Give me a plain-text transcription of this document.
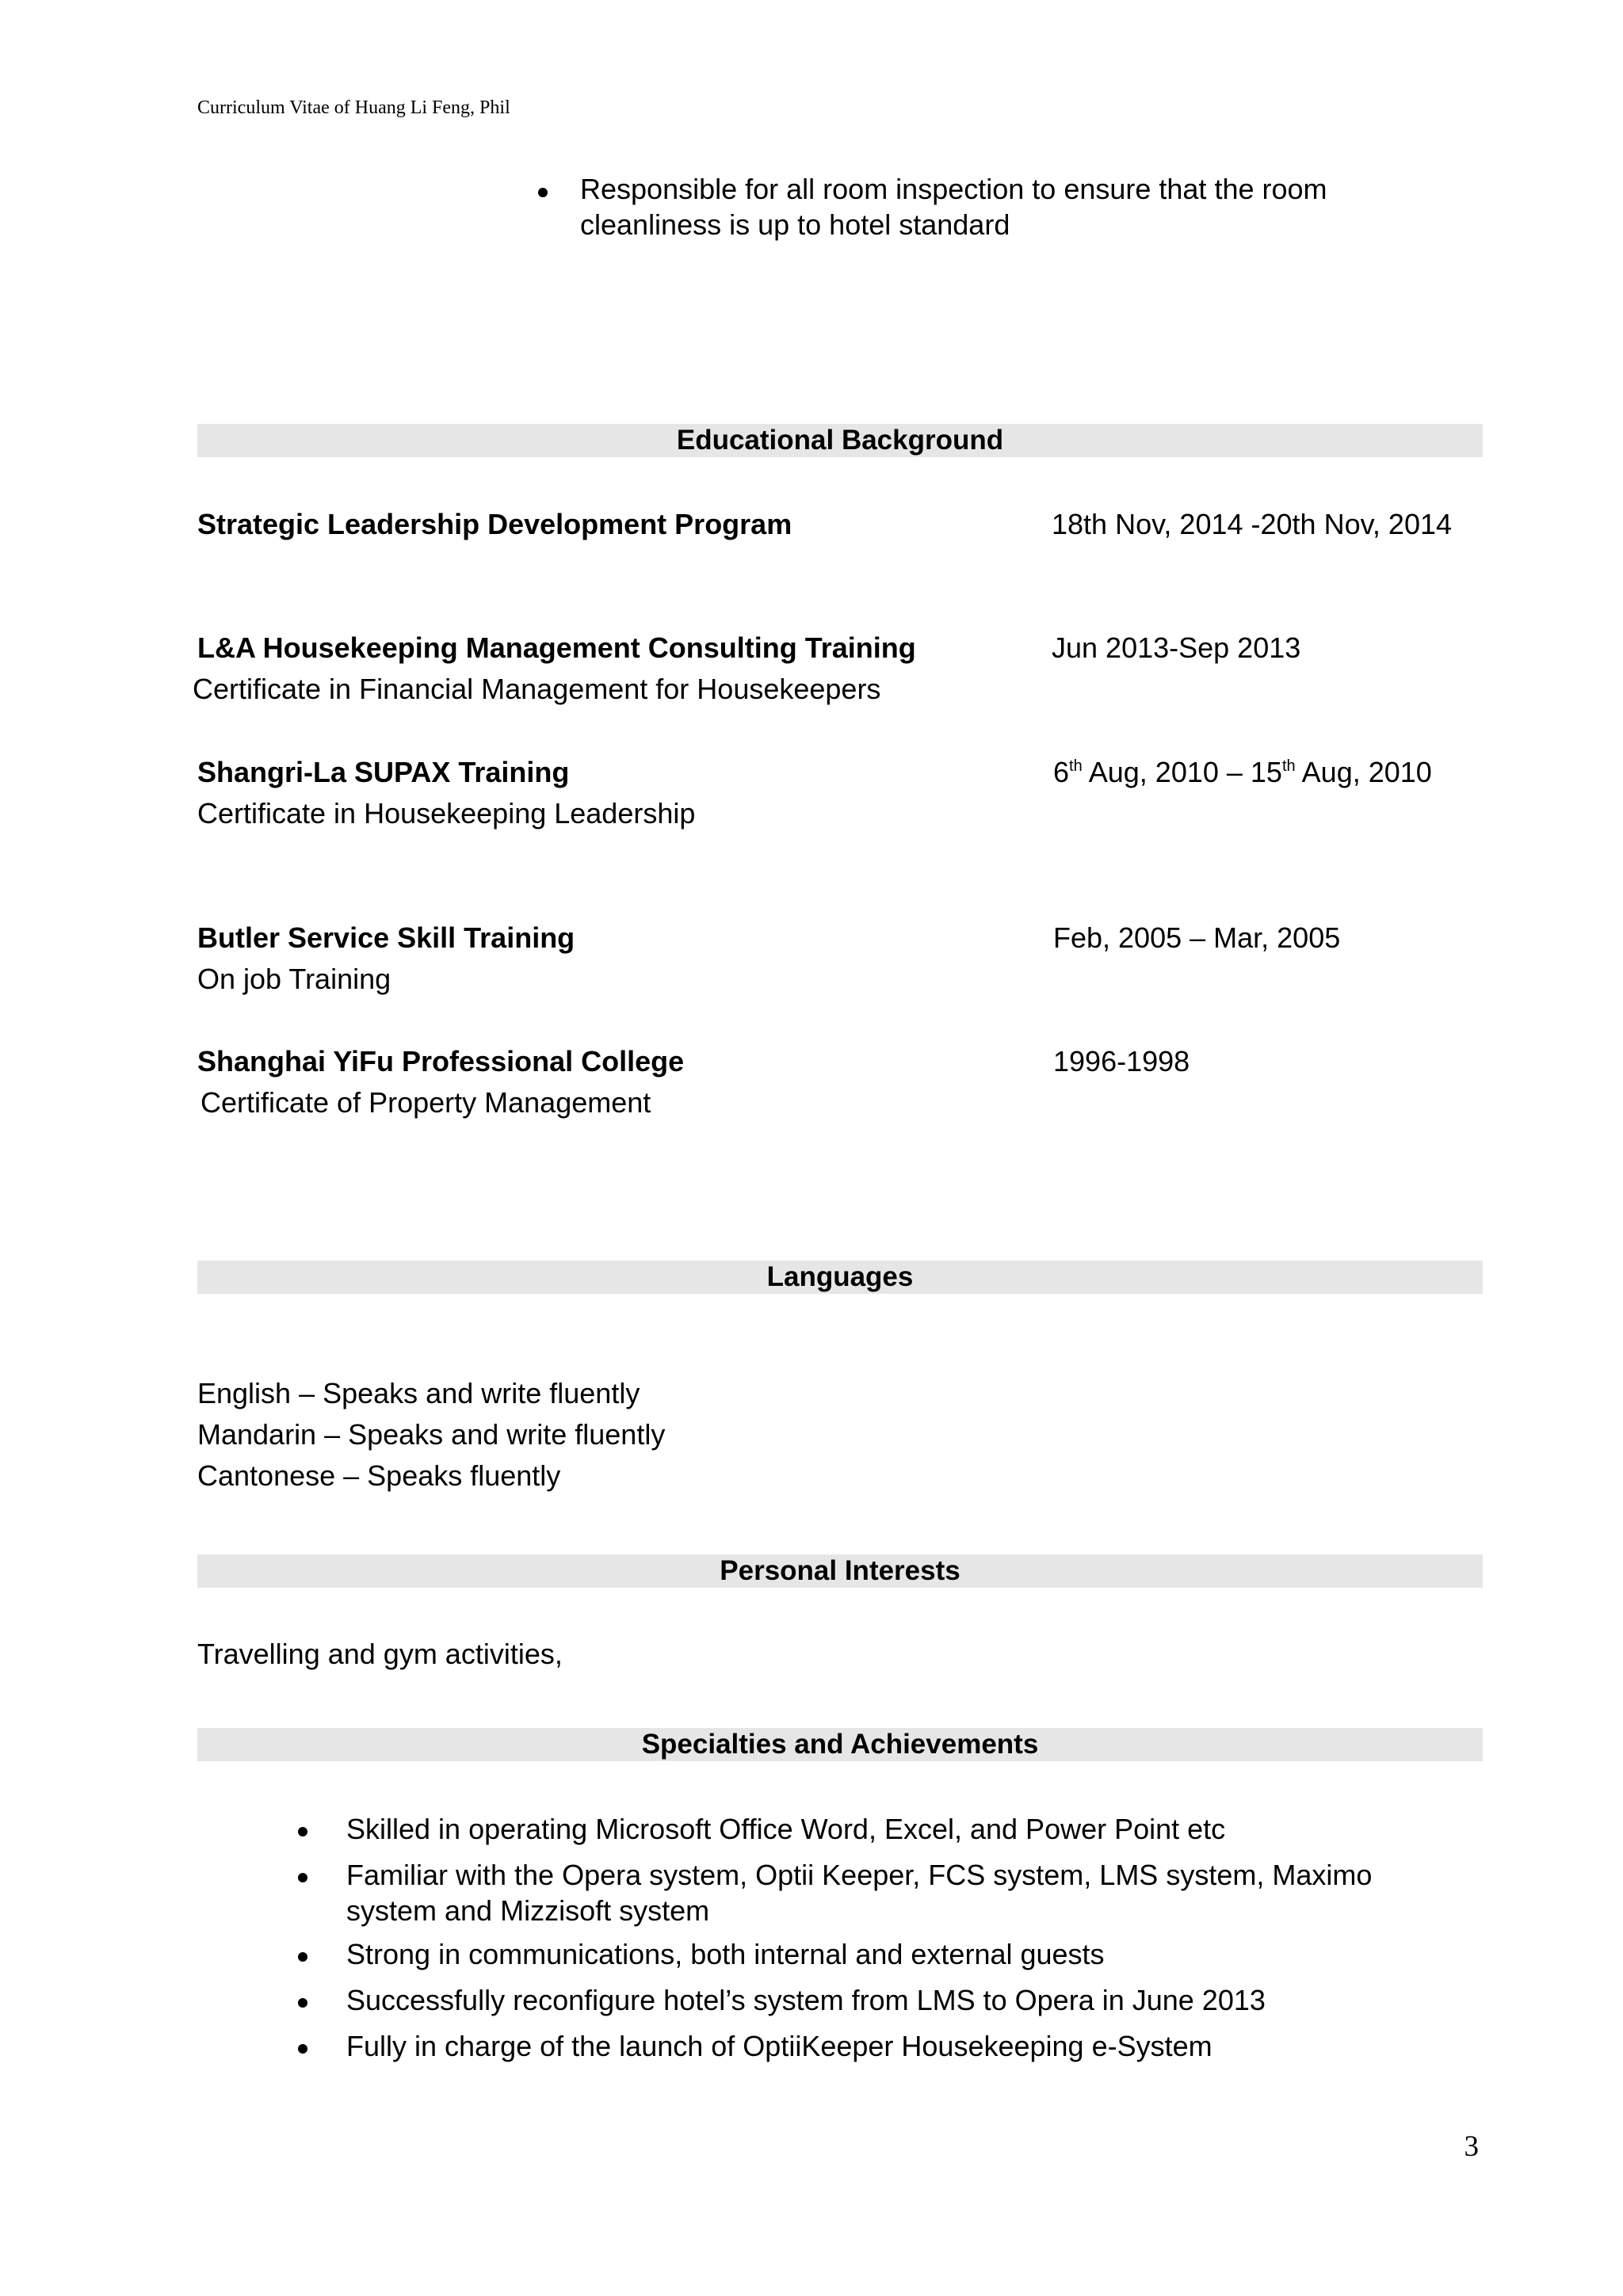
Curriculum Vitae of Huang Li Feng, Phil
Responsible for all room inspection to ensure that the room
cleanliness is up to hotel standard
Educational Background
Strategic Leadership Development Program	18th Nov, 2014 -20th Nov, 2014
L&A Housekeeping Management Consulting Training	Jun 2013-Sep 2013
Certificate in Financial Management for Housekeepers
Shangri-La SUPAX Training	6th Aug, 2010 – 15th Aug, 2010
Certificate in Housekeeping Leadership
Butler Service Skill Training	Feb, 2005 – Mar, 2005
On job Training
Shanghai YiFu Professional College	1996-1998
Certificate of Property Management
Languages
English – Speaks and write fluently
Mandarin – Speaks and write fluently
Cantonese – Speaks fluently
Personal Interests
Travelling and gym activities,
Specialties and Achievements
Skilled in operating Microsoft Office Word, Excel, and Power Point etc
Familiar with the Opera system, Optii Keeper, FCS system, LMS system, Maximo
system and Mizzisoft system
Strong in communications, both internal and external guests
Successfully reconfigure hotel’s system from LMS to Opera in June 2013
Fully in charge of the launch of OptiiKeeper Housekeeping e-System
3
